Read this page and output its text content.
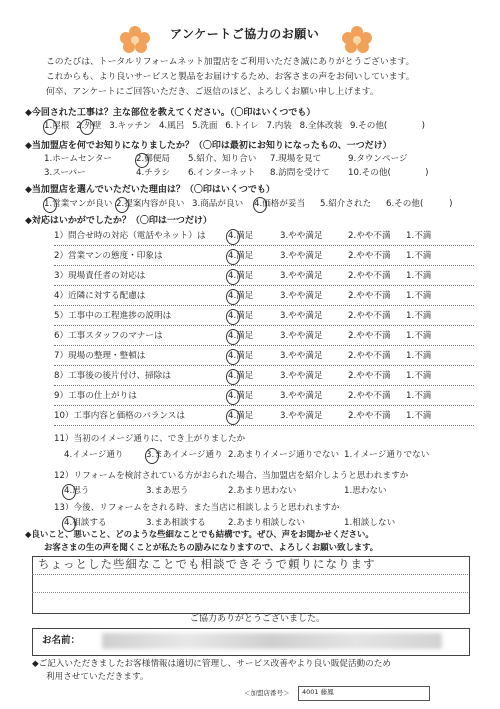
アンケートご協力のお願い
このたびは、トータルリフォームネット加盟店をご利用いただき誠にありがとうございます。
これからも、より良いサービスと製品をお届けするため、お客さまの声をお伺いしています。
何卒、アンケートにご回答いただき、ご返信のほど、よろしくお願い申し上げます。
◆今回された工事は？主な部位を教えてください。（〇印はいくつでも）
1.屋根 2.外壁 3.キッチン 4.風呂 5.洗面 6.トイレ 7.内装 8.全体改装 9.その他(　　　　)
◆当加盟店を何でお知りになりましたか？（〇印は最初にお知りになったもの、一つだけ）
1.ホームセンター	2.郵便局 5.紹介、知り合い 7.現場を見て	9.タウンページ
3.スーパー	4.チラシ 6.インターネット 8.訪問を受けて 10.その他(　　　　)
◆当加盟店を選んでいただいた理由は？（〇印はいくつでも）
1.営業マンが良い 2.提案内容が良い 3.商品が良い 4.価格が妥当 5.紹介された 6.その他(　　　)
◆対応はいかがでしたか？（〇印は一つだけ）
11）当初のイメージ通りに、でき上がりましたか
4.イメージ通り	3.まあイメージ通り 2.あまりイメージ通りでない 1.イメージ通りでない
12）リフォームを検討されている方がおられた場合、当加盟店を紹介しようと思われますか
4.思う	3.まあ思う	2.あまり思わない	1.思わない
13）今後、リフォームをされる時、また当店に相談しようと思われますか
4.相談する	3.まあ相談する	2.あまり相談しない	1.相談しない
◆良いこと、悪いこと、どのような些細なことでも結構です。ぜひ、声をお聞かせください。
お客さまの生の声を聞くことが私たちの励みになりますので、よろしくお願い致します。
ちょっとした些細なことでも相談できそうで頼りになります
ご協力ありがとうございました。
お名前：
◆ご記入いただきましたお客様情報は適切に管理し、サービス改善やより良い販促活動のため
利用させていただきます。
＜加盟店番号＞ 4001 藤鳳
1）問合せ時の対応（電話やネット）は	4.満足	3.やや満足	2.やや不満 1.不満
2）営業マンの態度・印象は	4.満足	3.やや満足	2.やや不満 1.不満
3）現場責任者の対応は	4.満足	3.やや満足	2.やや不満 1.不満
4）近隣に対する配慮は	4.満足	3.やや満足	2.やや不満 1.不満
5）工事中の工程進捗の説明は	4.満足	3.やや満足	2.やや不満 1.不満
6）工事スタッフのマナーは	4.満足	3.やや満足	2.やや不満 1.不満
7）現場の整理・整頓は	4.満足	3.やや満足	2.やや不満 1.不満
8）工事後の後片付け、掃除は	4.満足	3.やや満足	2.やや不満 1.不満
9）工事の仕上がりは	4.満足	3.やや満足	2.やや不満 1.不満
10）工事内容と価格のバランスは	4.満足	3.やや満足	2.やや不満 1.不満
